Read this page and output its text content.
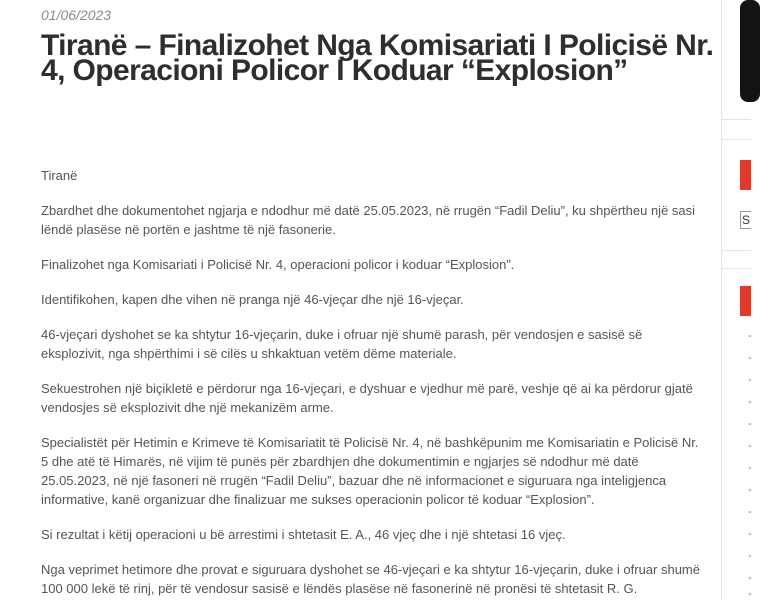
01/06/2023
Tiranë – Finalizohet Nga Komisariati I Policisë Nr. 4, Operacioni Policor I Koduar “Explosion”

Tiranë

Zbardhet dhe dokumentohet ngjarja e ndodhur më datë 25.05.2023, në rrugën “Fadil Deliu”, ku shpërtheu një sasi lëndë plasëse në portën e jashtme të një fasonerie.

Finalizohet nga Komisariati i Policisë Nr. 4, operacioni policor i koduar “Explosion”.

Identifikohen, kapen dhe vihen në pranga një 46-vjeçar dhe një 16-vjeçar.

46-vjeçari dyshohet se ka shtytur 16-vjeçarin, duke i ofruar një shumë parash, për vendosjen e sasisë së eksplozivit, nga shpërthimi i së cilës u shkaktuan vetëm dëme materiale.

Sekuestrohen një biçikletë e përdorur nga 16-vjeçari, e dyshuar e vjedhur më parë, veshje që ai ka përdorur gjatë vendosjes së eksplozivit dhe një mekanizëm arme.

Specialistët për Hetimin e Krimeve të Komisariatit të Policisë Nr. 4, në bashkëpunim me Komisariatin e Policisë Nr. 5 dhe atë të Himarës, në vijim të punës për zbardhjen dhe dokumentimin e ngjarjes së ndodhur më datë 25.05.2023, në një fasoneri në rrugën “Fadil Deliu”, bazuar dhe në informacionet e siguruara nga inteligjenca informative, kanë organizuar dhe finalizuar me sukses operacionin policor të koduar “Explosion”.

Si rezultat i këtij operacioni u bë arrestimi i shtetasit E. A., 46 vjeç dhe i një shtetasi 16 vjeç.

Nga veprimet hetimore dhe provat e siguruara dyshohet se 46-vjeçari e ka shtytur 16-vjeçarin, duke i ofruar shumë 100 000 lekë të rinj, për të vendosur sasisë e lëndës plasëse në fasonerinë në pronësi të shtetasit R. G.

S
-
-
-
-
-
-
-
-
-
-
-
-
-
